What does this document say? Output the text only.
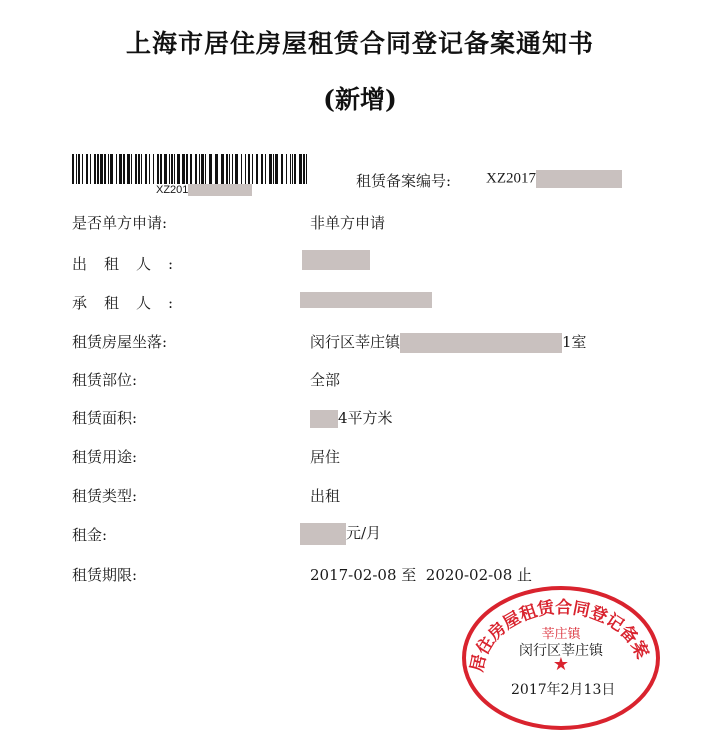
上海市居住房屋租赁合同登记备案通知书
(新增)
XZ201	租赁备案编号: XZ2017
是否单方申请:	非单方申请
出租人:
承租人:
租赁房屋坐落:	闵行区莘庄镇	1室
租赁部位:	全部
租赁面积:	4平方米
租赁用途:	居住
租赁类型:	出租
租金:	元/月
租赁期限:	2017-02-08 至  2020-02-08 止
居住房屋租赁合同登记备案
莘庄镇
★
闵行区莘庄镇
2017年2月13日
